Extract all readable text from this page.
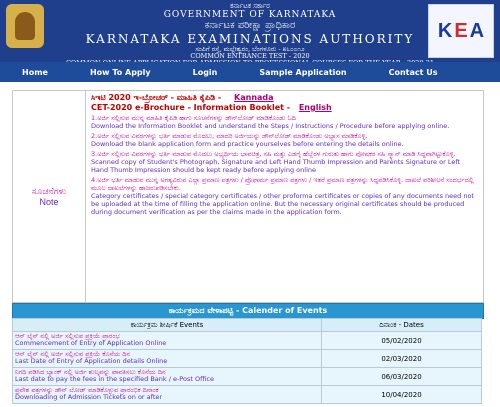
ಕರ್ನಾಟಕ ಸರ್ಕಾರ
GOVERNMENT OF KARNATAKA
ಕರ್ನಾಟಕ ಪರೀಕ್ಷಾ ಪ್ರಾಧಿಕಾರ
KARNATAKA EXAMINATIONS AUTHORITY
ಸಂಪಿಗೆ ರಸ್ತೆ, ಮಲ್ಲೇಶ್ವರಂ, ಬೆಂಗಳೂರು - ೫೬೦೦೧೨
COMMON ENTRANCE TEST - 2020
K E A
Home	How To Apply	Login	Sample Application	Contact Us
ಸೂಚನೆಗಳು
Note
ಸಿಇಟಿ 2020 ಇ-ಬ್ರೋಚರ್ - ಮಾಹಿತಿ ಕೈಪಿಡಿ - Kannada
CET-2020 e-Brochure - Information Booklet - English
1.ಅರ್ಜಿ ಸಲ್ಲಿಸುವ ಮುನ್ನ ಮಾಹಿತಿ ಕೈಪಿಡಿ ಹಾಗು ಸೂಚನೆಗಳನ್ನು ಡೌನ್‌ಲೋಡ್ ಮಾಡಿಕೊಂಡು ಓದಿ
Download the Information Booklet and understand the Steps / Instructions / Procedure before applying online.
2.ಅರ್ಜಿ ಸಲ್ಲಿಸುವ ವಿವರಗಳನ್ನು ಭರ್ತಿ ಮಾಡುವ ಮೊದಲು, ಮಾದರಿ ಅರ್ಜಿಯನ್ನು ಡೌನ್‌ಲೋಡ್ ಮಾಡಿಕೊಂಡು ಅಭ್ಯಾಸ ಮಾಡಿಕೊಳ್ಳಿ.
Download the blank application form and practice yourselves before entering the details online.
3.ಅರ್ಜಿ ಸಲ್ಲಿಸುವ ವಿವರಗಳನ್ನು ಭರ್ತಿ ಮಾಡುವ ಮೊದಲು ಅಭ್ಯರ್ಥಿಯ ಭಾವಚಿತ್ರ, ಸಹಿ ಮತ್ತು ಎಡಗೈ ಹೆಬ್ಬೆರಳ ಗುರುತು ಹಾಗು ಪೋಷಕರ ಸಹಿ ಸ್ಕ್ಯಾನ್ ಮಾಡಿ ಸಿದ್ಧವಾಗಿಟ್ಟುಕೊಳ್ಳಿ.
Scanned copy of Student's Photograph, Signature and Left Hand Thumb Impression and Parents Signature or Left Hand Thumb Impression should be kept ready before applying online
4.ಅರ್ಜಿ ಭರ್ತಿ ಮಾಡುವ ಮುನ್ನ ಅಗತ್ಯವಿರುವ ಎಲ್ಲಾ ಪ್ರಮಾಣ ಪತ್ರಗಳು / ಪ್ರೊಫಾರ್ಮ ಪ್ರಮಾಣ ಪತ್ರಗಳು / ಇತರೆ ಪ್ರಮಾಣ ಪತ್ರಗಳನ್ನು ಸಿದ್ಧಪಡಿಸಿಕೊಳ್ಳಿ. ದಾಖಲೆ ಪರಿಶೀಲನೆ ಸಂದರ್ಭದಲ್ಲಿ ಮೂಲ ದಾಖಲೆಗಳನ್ನು ಹಾಜರುಪಡಿಸಬೇಕು.
Category certificates / special category certificates / other proforma certificates or copies of any documents need not be uploaded at the time of filling the application online. But the necessary original certificates should be produced during document verification as per the claims made in the application form.
ಕಾರ್ಯಕ್ರಮದ ವೇಳಾಪಟ್ಟಿ - Calender of Events
ಕಾರ್ಯಕ್ರಮ ಶೀರ್ಷಿಕೆ Events	ದಿನಾಂಕ - Dates
ಆನ್ ಲೈನ್ ನಲ್ಲಿ ಅರ್ಜಿ ಸಲ್ಲಿಸುವ ಪ್ರಕ್ರಿಯೆ ಪ್ರಾರಂಭ
Commencement of Entry of Application Online	05/02/2020
ಆನ್ ಲೈನ್ ನಲ್ಲಿ ಅರ್ಜಿ ಸಲ್ಲಿಸುವ ಪ್ರಕ್ರಿಯೆ ಕೊನೆಯ ದಿನ
Last Date of Entry of Application details Online	02/03/2020
ನಿಗದಿ ಪಡಿಸಿದ ಬ್ಯಾಂಕ್ ನಲ್ಲಿ ಅರ್ಜಿ ಶುಲ್ಕವನ್ನು ಪಾವತಿಸಲು ಕೊನೆಯ ದಿನ
Last date to pay the fees in the specified Bank / e-Post Office	06/03/2020
ಪ್ರವೇಶ ಪತ್ರಗಳನ್ನು ಡೌನ್ ಲೋಡ್ ಮಾಡಿಕೊಳ್ಳುವ ಪ್ರಾರಂಭಿಕ ದಿನಾಂಕ
Downloading of Admission Tickets on or after	10/04/2020
